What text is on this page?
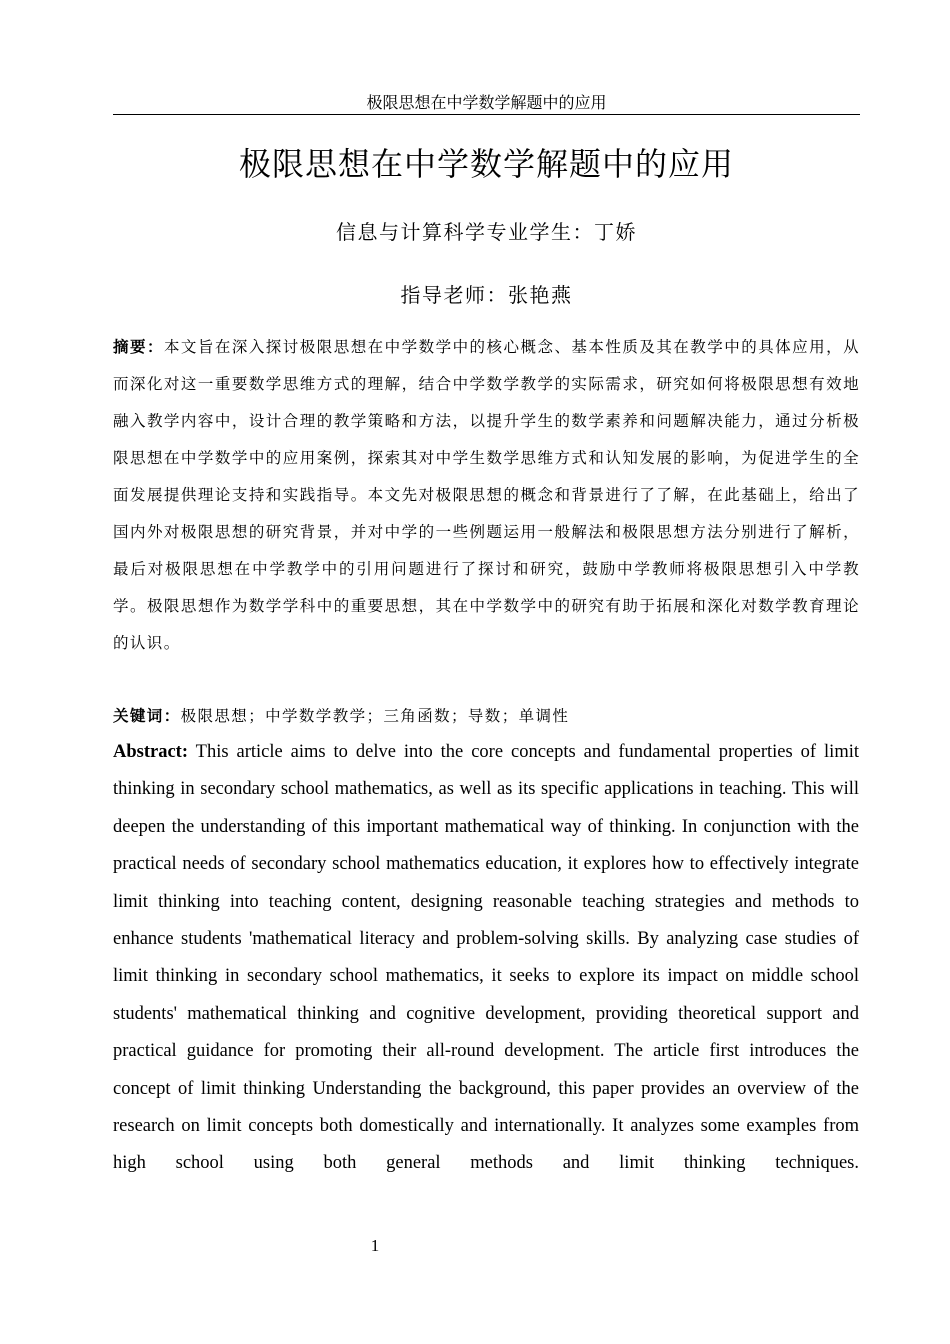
极限思想在中学数学解题中的应用
极限思想在中学数学解题中的应用
信息与计算科学专业学生：丁娇
指导老师：张艳燕
摘要：本文旨在深入探讨极限思想在中学数学中的核心概念、基本性质及其在教学中的具体应用，从而深化对这一重要数学思维方式的理解，结合中学数学教学的实际需求，研究如何将极限思想有效地融入教学内容中，设计合理的教学策略和方法，以提升学生的数学素养和问题解决能力，通过分析极限思想在中学数学中的应用案例，探索其对中学生数学思维方式和认知发展的影响，为促进学生的全面发展提供理论支持和实践指导。本文先对极限思想的概念和背景进行了了解，在此基础上，给出了国内外对极限思想的研究背景，并对中学的一些例题运用一般解法和极限思想方法分别进行了解析，最后对极限思想在中学教学中的引用问题进行了探讨和研究，鼓励中学教师将极限思想引入中学教学。极限思想作为数学学科中的重要思想，其在中学数学中的研究有助于拓展和深化对数学教育理论的认识。
关键词：极限思想；中学数学教学；三角函数；导数；单调性
Abstract: This article aims to delve into the core concepts and fundamental properties of limit thinking in secondary school mathematics, as well as its specific applications in teaching. This will deepen the understanding of this important mathematical way of thinking. In conjunction with the practical needs of secondary school mathematics education, it explores how to effectively integrate limit thinking into teaching content, designing reasonable teaching strategies and methods to enhance students 'mathematical literacy and problem-solving skills. By analyzing case studies of limit thinking in secondary school mathematics, it seeks to explore its impact on middle school students' mathematical thinking and cognitive development, providing theoretical support and practical guidance for promoting their all-round development. The article first introduces the concept of limit thinking Understanding the background, this paper provides an overview of the research on limit concepts both domestically and internationally. It analyzes some examples from high school using both general methods and limit thinking techniques.
1
